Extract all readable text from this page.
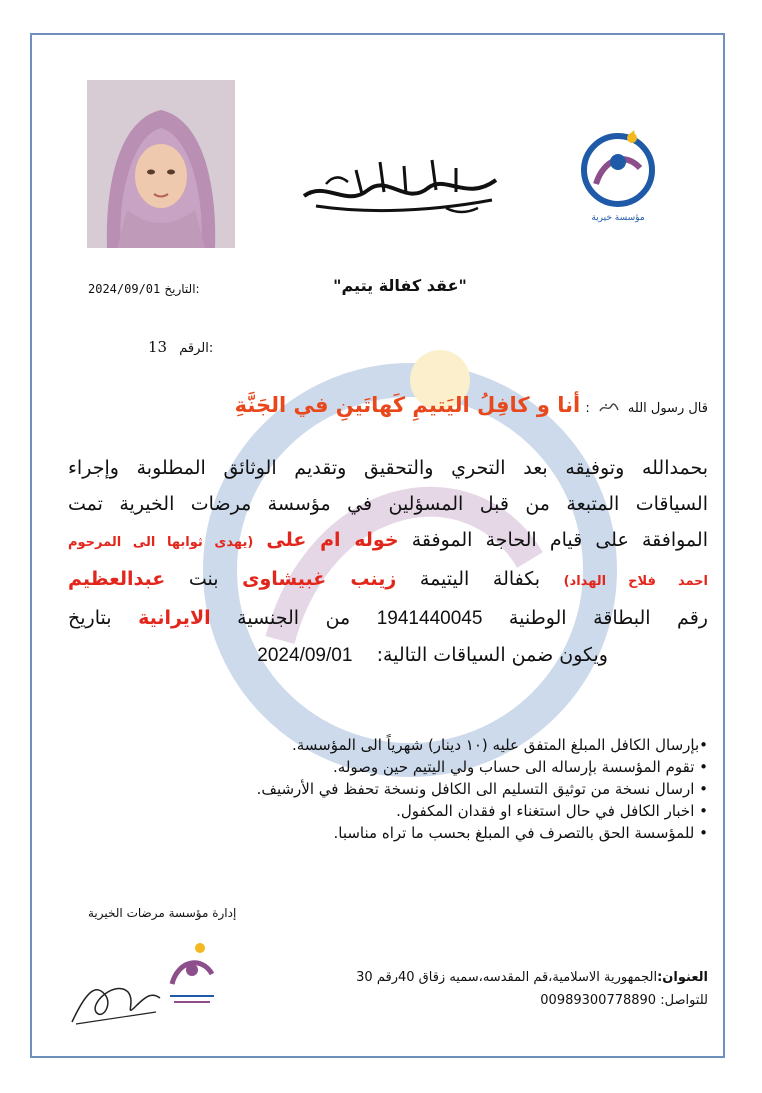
مؤسسة خيرية
"عقد كفالة يتيم"
2024/09/01 التاريخ:
13 الرقم:
قال رسول الله  : أنا و كافِلُ اليَتيمِ كَهاتَينِ في الجَنَّةِ
بحمدالله وتوفيقه بعد التحري والتحقيق وتقديم الوثائق المطلوبة وإجراء
السياقات المتبعة من قبل المسؤلين في مؤسسة مرضات الخيرية تمت
الموافقة على قيام الحاجة الموفقة خوله ام على (يهدى ثوابها الى المرحوم
احمد فلاح الهداد) بكفالة اليتيمة زينب غبيشاوى بنت عبدالعظيم
رقم البطاقة الوطنية 1941440045 من الجنسية الايرانية بتاريخ
ويكون ضمن السياقات التالية:    2024/09/01
•بإرسال الكافل المبلغ المتفق عليه (١٠ دينار) شهرياً الى المؤسسة.
• تقوم المؤسسة بإرساله الى حساب ولي اليتيم حين وصوله.
• ارسال نسخة من توثيق التسليم الى الكافل ونسخة تحفظ في الأرشيف.
• اخبار الكافل في حال استغناء او فقدان المكفول.
• للمؤسسة الحق بالتصرف في المبلغ بحسب ما تراه مناسبا.
إدارة مؤسسة مرضات الخيرية
العنوان:الجمهورية الاسلامية،قم المقدسه،سميه زقاق 40رقم 30
للتواصل: 00989300778890
